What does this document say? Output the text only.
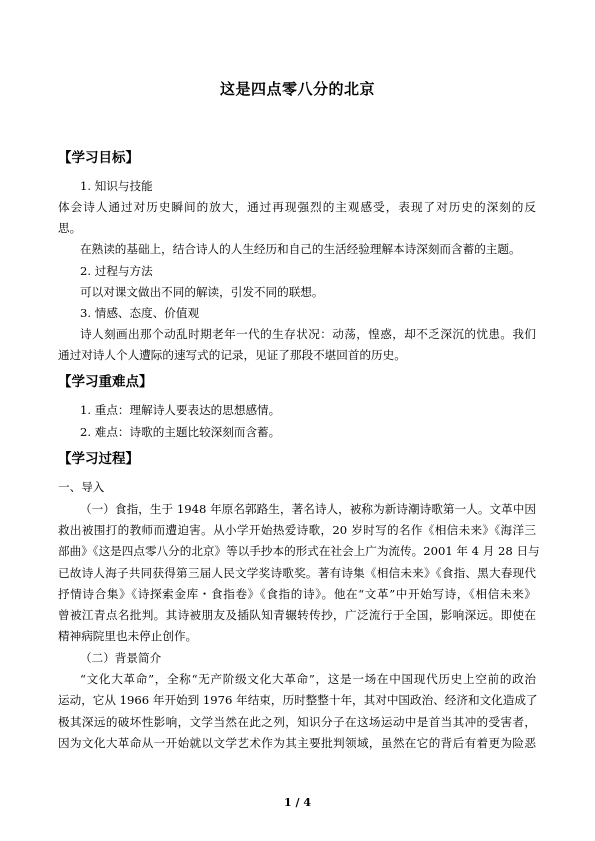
这是四点零八分的北京
【学习目标】
1. 知识与技能
体会诗人通过对历史瞬间的放大，通过再现强烈的主观感受，表现了对历史的深刻的反
思。
在熟读的基础上，结合诗人的人生经历和自己的生活经验理解本诗深刻而含蓄的主题。
2. 过程与方法
可以对课文做出不同的解读，引发不同的联想。
3. 情感、态度、价值观
诗人刻画出那个动乱时期老年一代的生存状况：动荡，惶惑，却不乏深沉的忧患。我们
通过对诗人个人遭际的速写式的记录，见证了那段不堪回首的历史。
【学习重难点】
1. 重点：理解诗人要表达的思想感情。
2. 难点：诗歌的主题比较深刻而含蓄。
【学习过程】
一、导入
（一）食指，生于 1948 年原名郭路生，著名诗人，被称为新诗潮诗歌第一人。文革中因
救出被围打的教师而遭迫害。从小学开始热爱诗歌，20 岁时写的名作《相信未来》《海洋三
部曲》《这是四点零八分的北京》等以手抄本的形式在社会上广为流传。2001 年 4 月 28 日与
已故诗人海子共同获得第三届人民文学奖诗歌奖。著有诗集《相信未来》《食指、黑大春现代
抒情诗合集》《诗探索金库・食指卷》《食指的诗》。他在“文革”中开始写诗，《相信未来》
曾被江青点名批判。其诗被朋友及插队知青辗转传抄，广泛流行于全国，影响深远。即使在
精神病院里也未停止创作。
（二）背景简介
“文化大革命”，全称“无产阶级文化大革命”，这是一场在中国现代历史上空前的政治
运动，它从 1966 年开始到 1976 年结束，历时整整十年，其对中国政治、经济和文化造成了
极其深远的破坏性影响，文学当然在此之列，知识分子在这场运动中是首当其冲的受害者，
因为文化大革命从一开始就以文学艺术作为其主要批判领域，虽然在它的背后有着更为险恶
1 / 4
